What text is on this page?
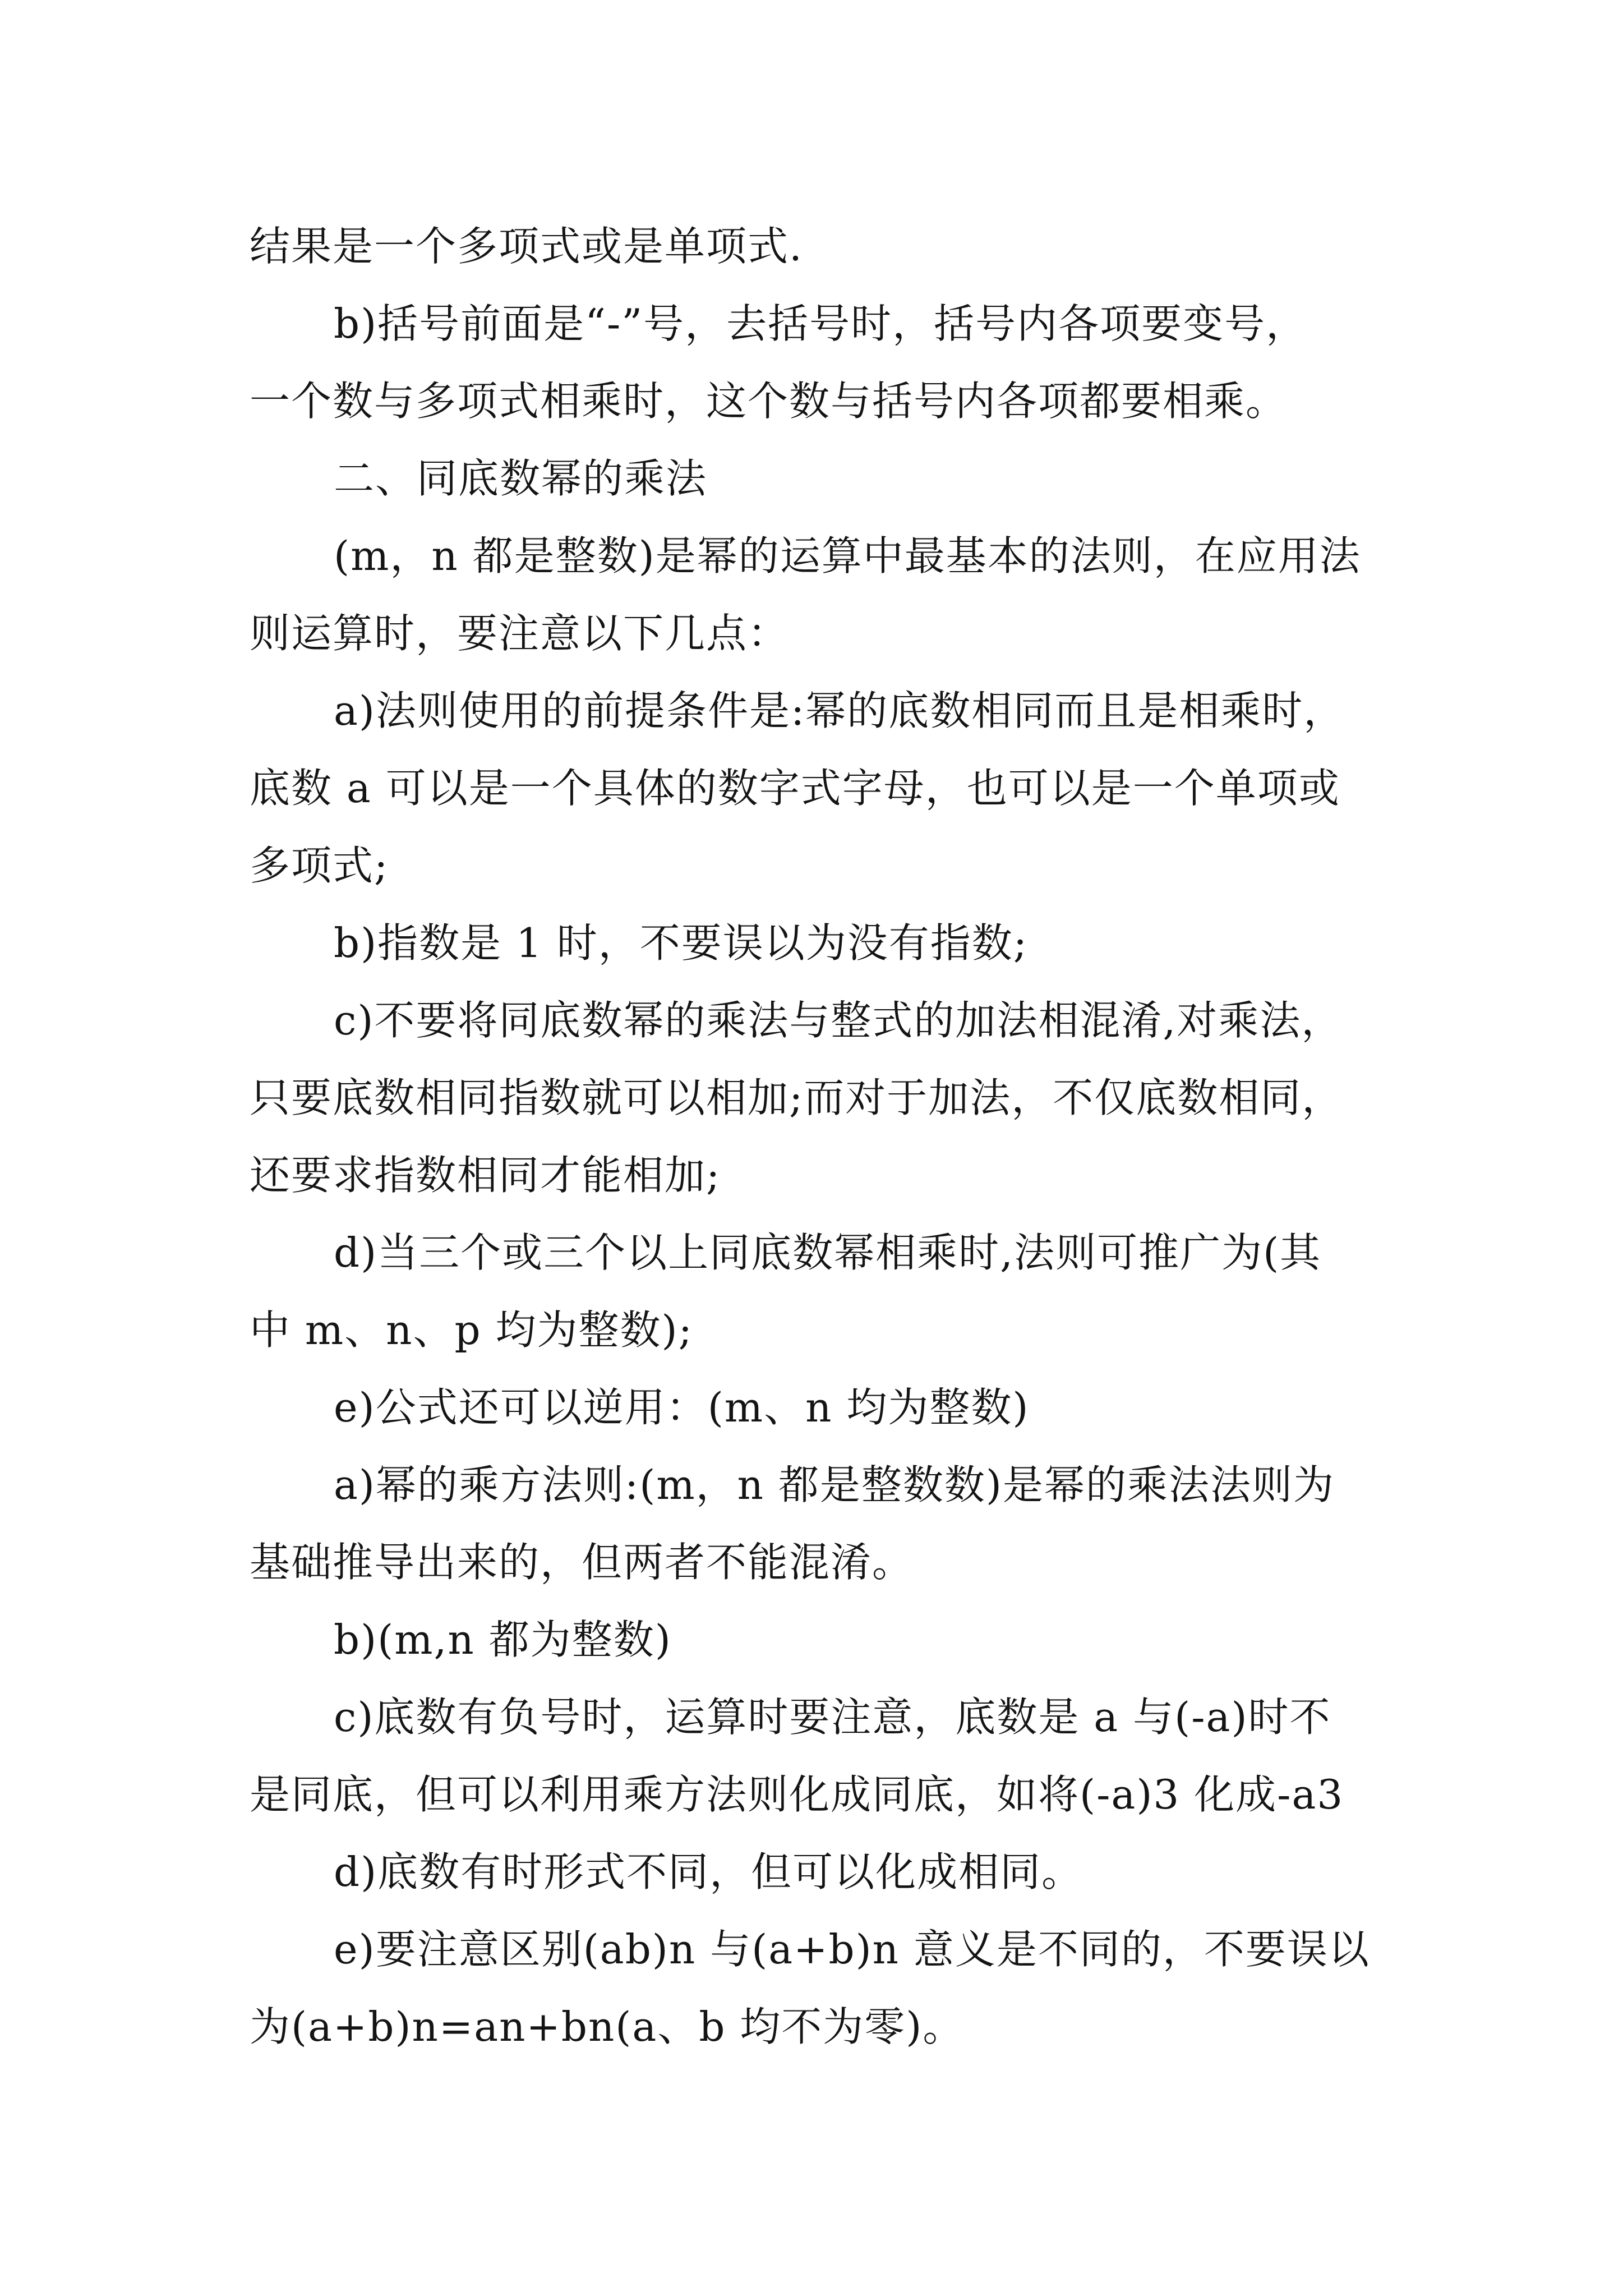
结果是一个多项式或是单项式.

b)括号前面是“-”号，去括号时，括号内各项要变号，
一个数与多项式相乘时，这个数与括号内各项都要相乘。

二、同底数幂的乘法

(m，n 都是整数)是幂的运算中最基本的法则，在应用法
则运算时，要注意以下几点：

a)法则使用的前提条件是:幂的底数相同而且是相乘时，
底数 a 可以是一个具体的数字式字母，也可以是一个单项或
多项式;

b)指数是 1 时，不要误以为没有指数;

c)不要将同底数幂的乘法与整式的加法相混淆,对乘法，
只要底数相同指数就可以相加;而对于加法，不仅底数相同，
还要求指数相同才能相加;

d)当三个或三个以上同底数幂相乘时,法则可推广为(其
中 m、n、p 均为整数);

e)公式还可以逆用：(m、n 均为整数)

a)幂的乘方法则:(m，n 都是整数数)是幂的乘法法则为
基础推导出来的，但两者不能混淆。

b)(m,n 都为整数)

c)底数有负号时，运算时要注意，底数是 a 与(-a)时不
是同底，但可以利用乘方法则化成同底，如将(-a)3 化成-a3

d)底数有时形式不同，但可以化成相同。

e)要注意区别(ab)n 与(a+b)n 意义是不同的，不要误以
为(a+b)n=an+bn(a、b 均不为零)。
